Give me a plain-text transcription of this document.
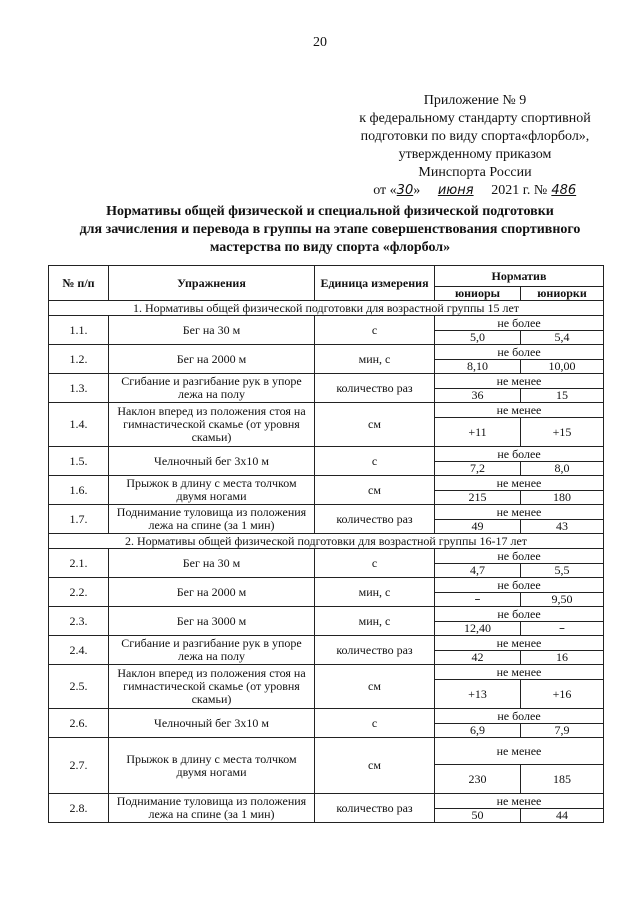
20
Приложение № 9
к федеральному стандарту спортивной
подготовки по виду спорта«флорбол»,
утвержденному приказом
Минспорта России
от «30» июня 2021 г. № 486
Нормативы общей физической и специальной физической подготовки
для зачисления и перевода в группы на этапе совершенствования спортивного
мастерства по виду спорта «флорбол»
№ п/п	Упражнения	Единица измерения	Норматив	
			юниоры	юниорки
1. Нормативы общей физической подготовки для возрастной группы 15 лет				
1.1.	Бег на 30 м	с	не более	
			5,0	5,4
1.2.	Бег на 2000 м	мин, с	не более	
			8,10	10,00
1.3.	Сгибание и разгибание рук в упоре лежа на полу	количество раз	не менее	
			36	15
1.4.	Наклон вперед из положения стоя на гимнастической скамье (от уровня скамьи)	см	не менее	
			+11	+15
1.5.	Челночный бег 3х10 м	с	не более	
			7,2	8,0
1.6.	Прыжок в длину с места толчком двумя ногами	см	не менее	
			215	180
1.7.	Поднимание туловища из положения лежа на спине (за 1 мин)	количество раз	не менее	
			49	43
2. Нормативы общей физической подготовки для возрастной группы 16-17 лет				
2.1.	Бег на 30 м	с	не более	
			4,7	5,5
2.2.	Бег на 2000 м	мин, с	не более	
			–	9,50
2.3.	Бег на 3000 м	мин, с	не более	
			12,40	–
2.4.	Сгибание и разгибание рук в упоре лежа на полу	количество раз	не менее	
			42	16
2.5.	Наклон вперед из положения стоя на гимнастической скамье (от уровня скамьи)	см	не менее	
			+13	+16
2.6.	Челночный бег 3х10 м	с	не более	
			6,9	7,9
2.7.	Прыжок в длину с места толчком двумя ногами	см	не менее	
			230	185
2.8.	Поднимание туловища из положения лежа на спине (за 1 мин)	количество раз	не менее	
			50	44
